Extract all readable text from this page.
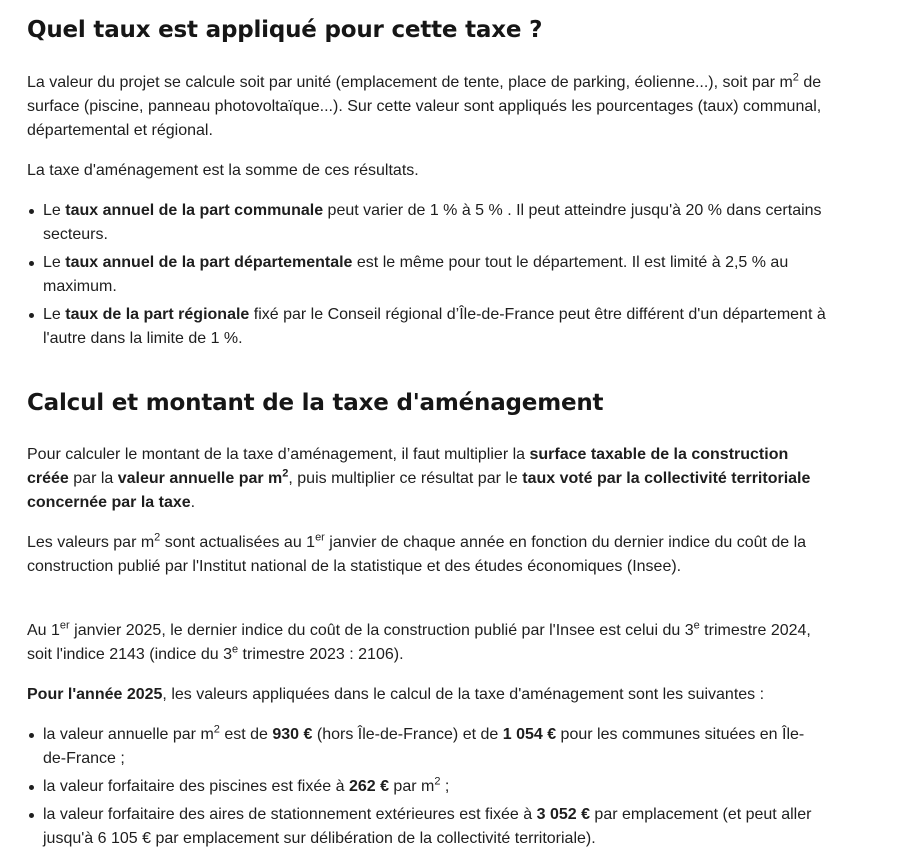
Quel taux est appliqué pour cette taxe ?

La valeur du projet se calcule soit par unité (emplacement de tente, place de parking, éolienne...), soit par $m^2$ de surface (piscine, panneau photovoltaïque...). Sur cette valeur sont appliqués les pourcentages (taux) communal, départemental et régional.

La taxe d'aménagement est la somme de ces résultats.

Le taux annuel de la part communale peut varier de 1 % à 5 % . Il peut atteindre jusqu'à 20 % dans certains secteurs.
Le taux annuel de la part départementale est le même pour tout le département. Il est limité à 2,5 % au maximum.
Le taux de la part régionale fixé par le Conseil régional d’Île-de-France peut être différent d'un département à l'autre dans la limite de 1 %.
Calcul et montant de la taxe d'aménagement

Pour calculer le montant de la taxe d’aménagement, il faut multiplier la surface taxable de la construction créée par la valeur annuelle par $m^2$, puis multiplier ce résultat par le taux voté par la collectivité territoriale concernée par la taxe.

Les valeurs par $m^2$ sont actualisées au 1er janvier de chaque année en fonction du dernier indice du coût de la construction publié par l'Institut national de la statistique et des études économiques (Insee).

Au 1er janvier 2025, le dernier indice du coût de la construction publié par l'Insee est celui du 3e trimestre 2024, soit l'indice 2143 (indice du 3e trimestre 2023 : 2106).

Pour l'année 2025, les valeurs appliquées dans le calcul de la taxe d'aménagement sont les suivantes :

la valeur annuelle par $m^2$ est de 930 € (hors Île-de-France) et de 1 054 € pour les communes situées en Île-de-France ;
la valeur forfaitaire des piscines est fixée à 262 € par $m^2$ ;
la valeur forfaitaire des aires de stationnement extérieures est fixée à 3 052 € par emplacement (et peut aller jusqu'à 6 105 € par emplacement sur délibération de la collectivité territoriale).
